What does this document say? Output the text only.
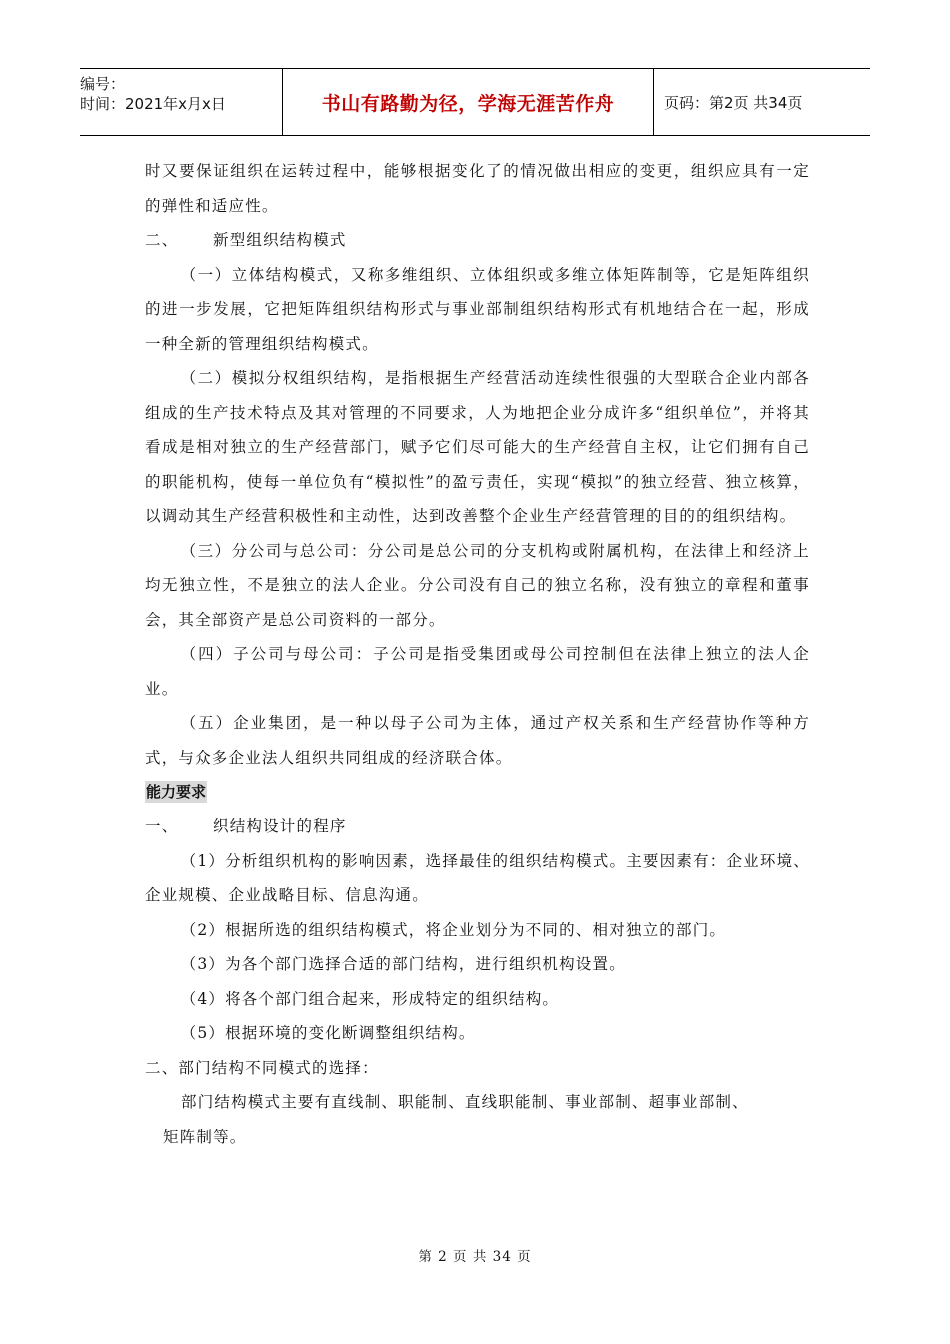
编号：
时间：2021年x月x日	书山有路勤为径，学海无涯苦作舟	页码：第2页 共34页

时又要保证组织在运转过程中，能够根据变化了的情况做出相应的变更，组织应具有一定的弹性和适应性。

二、	新型组织结构模式

（一）立体结构模式，又称多维组织、立体组织或多维立体矩阵制等，它是矩阵组织的进一步发展，它把矩阵组织结构形式与事业部制组织结构形式有机地结合在一起，形成一种全新的管理组织结构模式。

（二）模拟分权组织结构，是指根据生产经营活动连续性很强的大型联合企业内部各组成的生产技术特点及其对管理的不同要求，人为地把企业分成许多“组织单位”，并将其看成是相对独立的生产经营部门，赋予它们尽可能大的生产经营自主权，让它们拥有自己的职能机构，使每一单位负有“模拟性”的盈亏责任，实现“模拟”的独立经营、独立核算，以调动其生产经营积极性和主动性，达到改善整个企业生产经营管理的目的的组织结构。

（三）分公司与总公司：分公司是总公司的分支机构或附属机构，在法律上和经济上均无独立性，不是独立的法人企业。分公司没有自己的独立名称，没有独立的章程和董事会，其全部资产是总公司资料的一部分。

（四）子公司与母公司：子公司是指受集团或母公司控制但在法律上独立的法人企业。

（五）企业集团，是一种以母子公司为主体，通过产权关系和生产经营协作等种方式，与众多企业法人组织共同组成的经济联合体。

能力要求
一、	织结构设计的程序

（1）分析组织机构的影响因素，选择最佳的组织结构模式。主要因素有：企业环境、企业规模、企业战略目标、信息沟通。

（2）根据所选的组织结构模式，将企业划分为不同的、相对独立的部门。

（3）为各个部门选择合适的部门结构，进行组织机构设置。

（4）将各个部门组合起来，形成特定的组织结构。

（5）根据环境的变化断调整组织结构。

二、部门结构不同模式的选择：

部门结构模式主要有直线制、职能制、直线职能制、事业部制、超事业部制、

矩阵制等。

第 2 页 共 34 页
